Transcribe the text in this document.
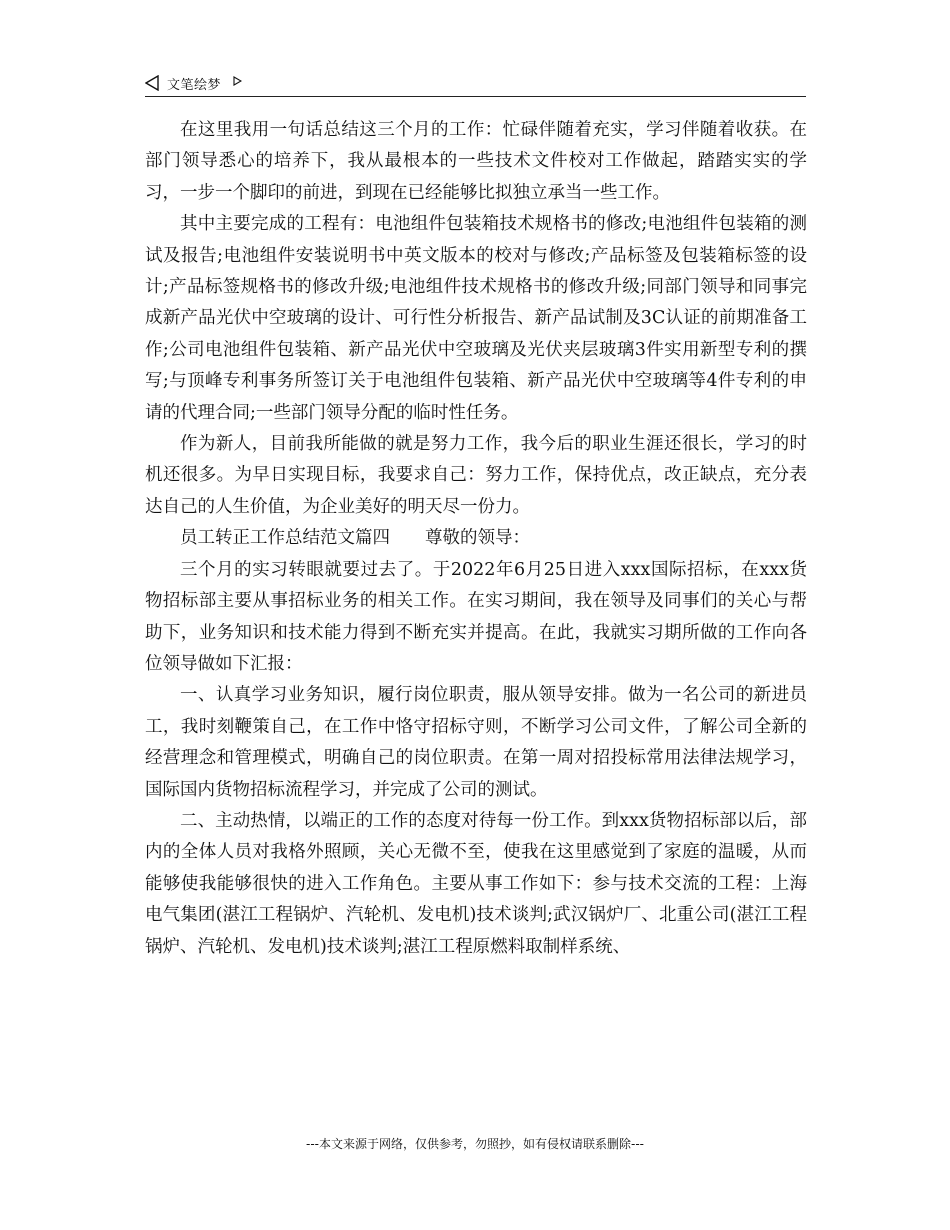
文笔绘梦

在这里我用一句话总结这三个月的工作：忙碌伴随着充实，学习伴随着收获。在部门领导悉心的培养下，我从最根本的一些技术文件校对工作做起，踏踏实实的学习，一步一个脚印的前进，到现在已经能够比拟独立承当一些工作。

其中主要完成的工程有：电池组件包装箱技术规格书的修改;电池组件包装箱的测试及报告;电池组件安装说明书中英文版本的校对与修改;产品标签及包装箱标签的设计;产品标签规格书的修改升级;电池组件技术规格书的修改升级;同部门领导和同事完成新产品光伏中空玻璃的设计、可行性分析报告、新产品试制及3C认证的前期准备工作;公司电池组件包装箱、新产品光伏中空玻璃及光伏夹层玻璃3件实用新型专利的撰写;与顶峰专利事务所签订关于电池组件包装箱、新产品光伏中空玻璃等4件专利的申请的代理合同;一些部门领导分配的临时性任务。

作为新人，目前我所能做的就是努力工作，我今后的职业生涯还很长，学习的时机还很多。为早日实现目标，我要求自己：努力工作，保持优点，改正缺点，充分表达自己的人生价值，为企业美好的明天尽一份力。

员工转正工作总结范文篇四　　尊敬的领导：

三个月的实习转眼就要过去了。于2022年6月25日进入xxx国际招标，在xxx货物招标部主要从事招标业务的相关工作。在实习期间，我在领导及同事们的关心与帮助下，业务知识和技术能力得到不断充实并提高。在此，我就实习期所做的工作向各位领导做如下汇报：

一、认真学习业务知识，履行岗位职责，服从领导安排。做为一名公司的新进员工，我时刻鞭策自己，在工作中恪守招标守则，不断学习公司文件，了解公司全新的经营理念和管理模式，明确自己的岗位职责。在第一周对招投标常用法律法规学习，国际国内货物招标流程学习，并完成了公司的测试。

二、主动热情，以端正的工作的态度对待每一份工作。到xxx货物招标部以后，部内的全体人员对我格外照顾，关心无微不至，使我在这里感觉到了家庭的温暖，从而能够使我能够很快的进入工作角色。主要从事工作如下：参与技术交流的工程：上海电气集团(湛江工程锅炉、汽轮机、发电机)技术谈判;武汉锅炉厂、北重公司(湛江工程锅炉、汽轮机、发电机)技术谈判;湛江工程原燃料取制样系统、

---本文来源于网络，仅供参考，勿照抄，如有侵权请联系删除---
